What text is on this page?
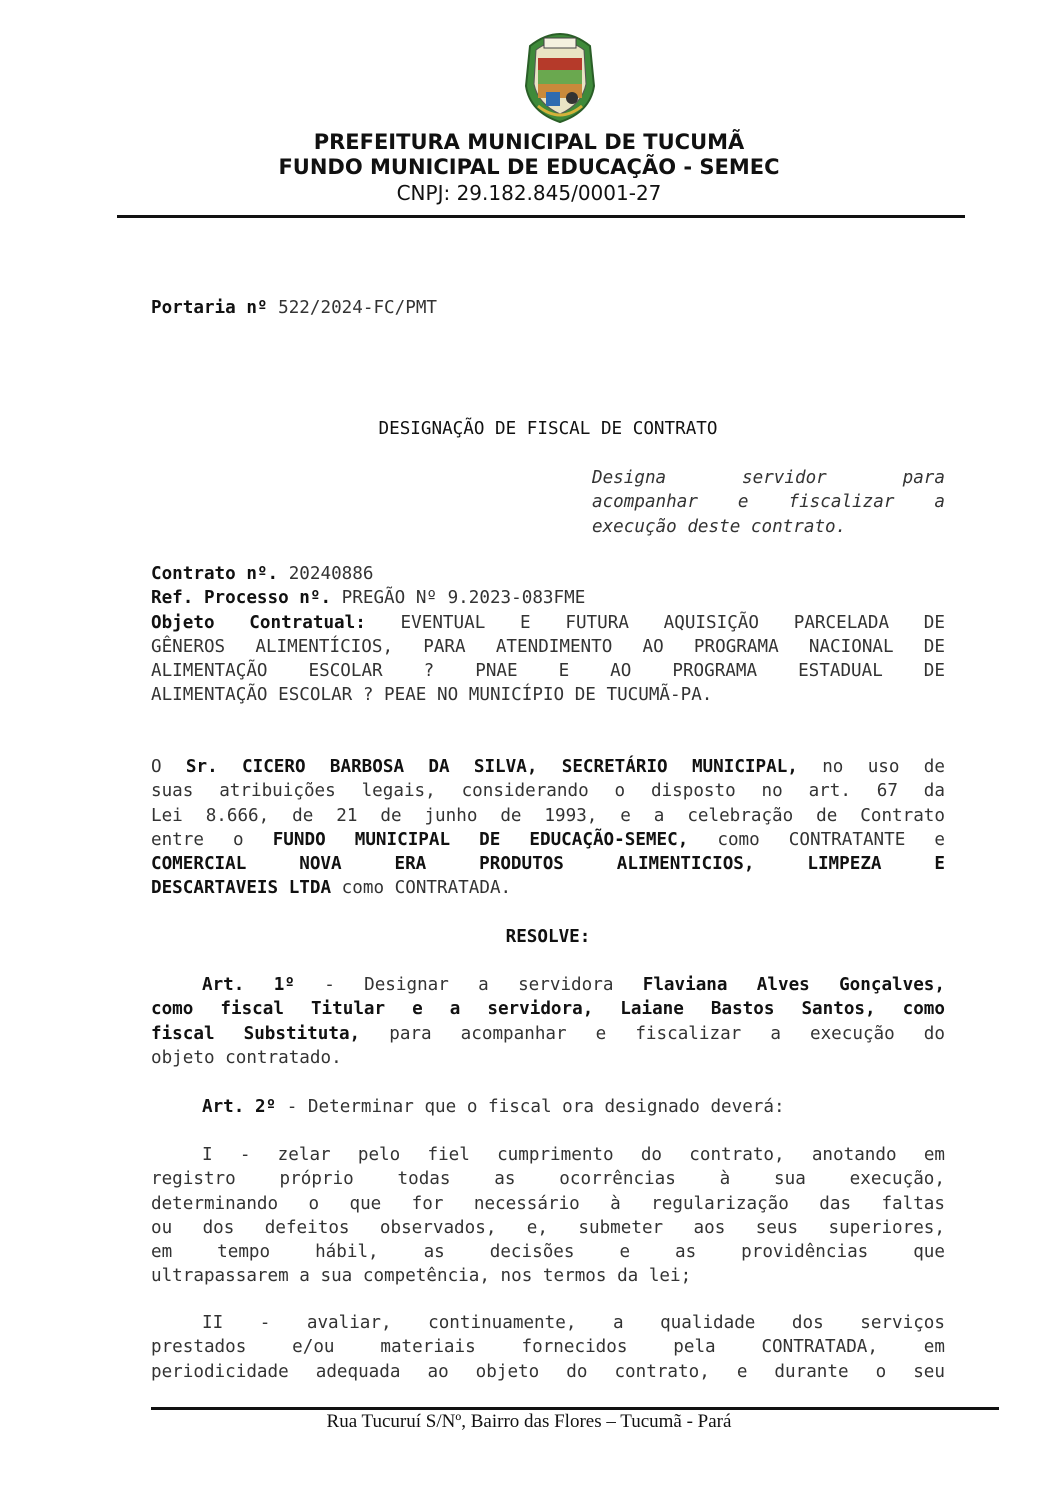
PREFEITURA MUNICIPAL DE TUCUMÃ
FUNDO MUNICIPAL DE EDUCAÇÃO - SEMEC
CNPJ: 29.182.845/0001-27
Portaria nº 522/2024-FC/PMT
DESIGNAÇÃO DE FISCAL DE CONTRATO
Designa servidor para
acompanhar e fiscalizar a
execução deste contrato.
Contrato nº. 20240886
Ref. Processo nº. PREGÃO Nº 9.2023-083FME
Objeto Contratual: EVENTUAL E FUTURA AQUISIÇÃO PARCELADA DE
GÊNEROS ALIMENTÍCIOS, PARA ATENDIMENTO AO PROGRAMA NACIONAL DE
ALIMENTAÇÃO ESCOLAR ? PNAE E AO PROGRAMA ESTADUAL DE
ALIMENTAÇÃO ESCOLAR ? PEAE NO MUNICÍPIO DE TUCUMÃ-PA.
O Sr. CICERO BARBOSA DA SILVA, SECRETÁRIO MUNICIPAL, no uso de
suas atribuições legais, considerando o disposto no art. 67 da
Lei 8.666, de 21 de junho de 1993, e a celebração de Contrato
entre o FUNDO MUNICIPAL DE EDUCAÇÃO-SEMEC, como CONTRATANTE e
COMERCIAL NOVA ERA PRODUTOS ALIMENTICIOS, LIMPEZA E
DESCARTAVEIS LTDA como CONTRATADA.
RESOLVE:
Art. 1º - Designar a servidora Flaviana Alves Gonçalves,
como fiscal Titular e a servidora, Laiane Bastos Santos, como
fiscal Substituta, para acompanhar e fiscalizar a execução do
objeto contratado.
Art. 2º - Determinar que o fiscal ora designado deverá:
I - zelar pelo fiel cumprimento do contrato, anotando em
registro próprio todas as ocorrências à sua execução,
determinando o que for necessário à regularização das faltas
ou dos defeitos observados, e, submeter aos seus superiores,
em tempo hábil, as decisões e as providências que
ultrapassarem a sua competência, nos termos da lei;
II - avaliar, continuamente, a qualidade dos serviços
prestados e/ou materiais fornecidos pela CONTRATADA, em
periodicidade adequada ao objeto do contrato, e durante o seu
Rua Tucuruí S/Nº, Bairro das Flores – Tucumã - Pará
